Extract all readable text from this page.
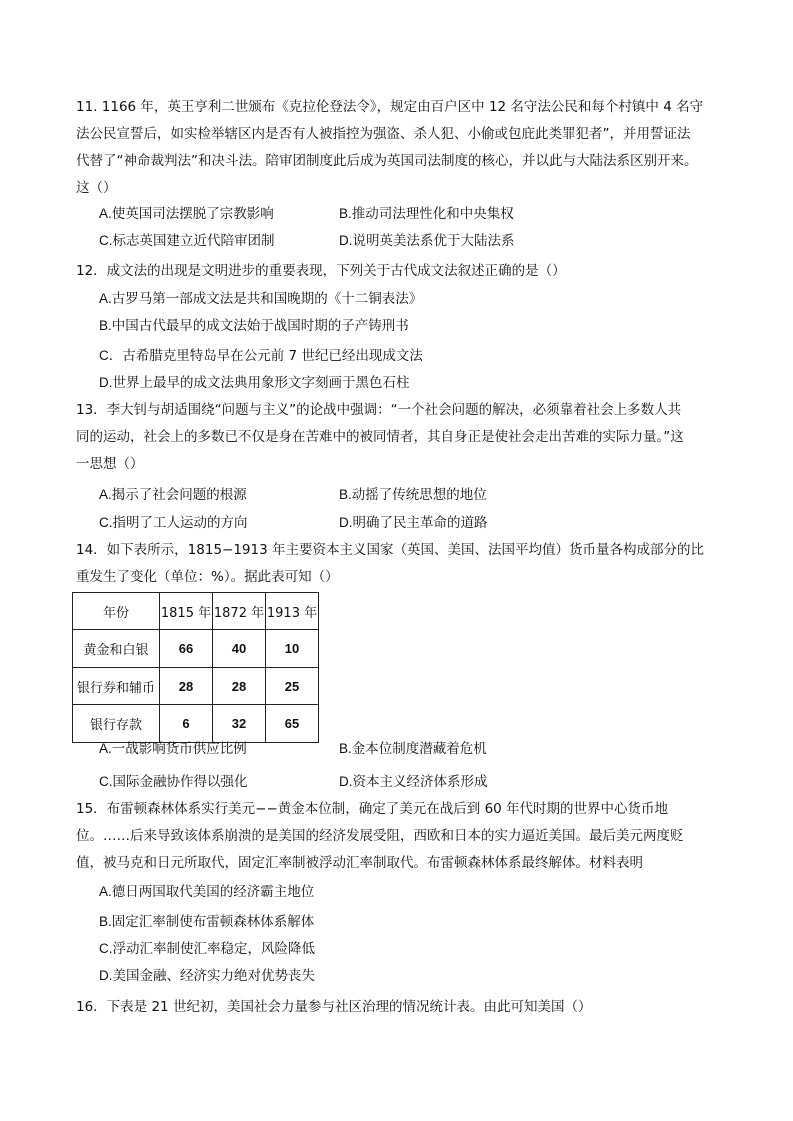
11. 1166 年，英王亨利二世颁布《克拉伦登法令》，规定由百户区中 12 名守法公民和每个村镇中 4 名守
法公民宣誓后，如实检举辖区内是否有人被指控为强盗、杀人犯、小偷或包庇此类罪犯者”，并用誓证法
代替了“神命裁判法”和决斗法。陪审团制度此后成为英国司法制度的核心，并以此与大陆法系区别开来。
这（）
A.使英国司法摆脱了宗教影响	B.推动司法理性化和中央集权
C.标志英国建立近代陪审团制	D.说明英美法系优于大陆法系
12．成文法的出现是文明进步的重要表现，下列关于古代成文法叙述正确的是（）
A.古罗马第一部成文法是共和国晚期的《十二铜表法》
B.中国古代最早的成文法始于战国时期的子产铸刑书
C．古希腊克里特岛早在公元前 7 世纪已经出现成文法
D.世界上最早的成文法典用象形文字刻画于黑色石柱
13．李大钊与胡适围绕“问题与主义”的论战中强调：“一个社会问题的解决，必须靠着社会上多数人共
同的运动，社会上的多数已不仅是身在苦难中的被同情者，其自身正是使社会走出苦难的实际力量。”这
一思想（）
A.揭示了社会问题的根源	B.动摇了传统思想的地位
C.指明了工人运动的方向	D.明确了民主革命的道路
14．如下表所示，1815−1913 年主要资本主义国家（英国、美国、法国平均值）货币量各构成部分的比
重发生了变化（单位：%）。据此表可知（）
年份	1815 年	1872 年	1913 年
黄金和白银	66	40	10
银行券和辅币	28	28	25
银行存款	6	32	65
A.一战影响货币供应比例	B.金本位制度潜藏着危机
C.国际金融协作得以强化	D.资本主义经济体系形成
15．布雷顿森林体系实行美元−−黄金本位制，确定了美元在战后到 60 年代时期的世界中心货币地
位。……后来导致该体系崩溃的是美国的经济发展受阻，西欧和日本的实力逼近美国。最后美元两度贬
值，被马克和日元所取代，固定汇率制被浮动汇率制取代。布雷顿森林体系最终解体。材料表明
A.德日两国取代美国的经济霸主地位
B.固定汇率制使布雷顿森林体系解体
C.浮动汇率制使汇率稳定，风险降低
D.美国金融、经济实力绝对优势丧失
16．下表是 21 世纪初，美国社会力量参与社区治理的情况统计表。由此可知美国（）
